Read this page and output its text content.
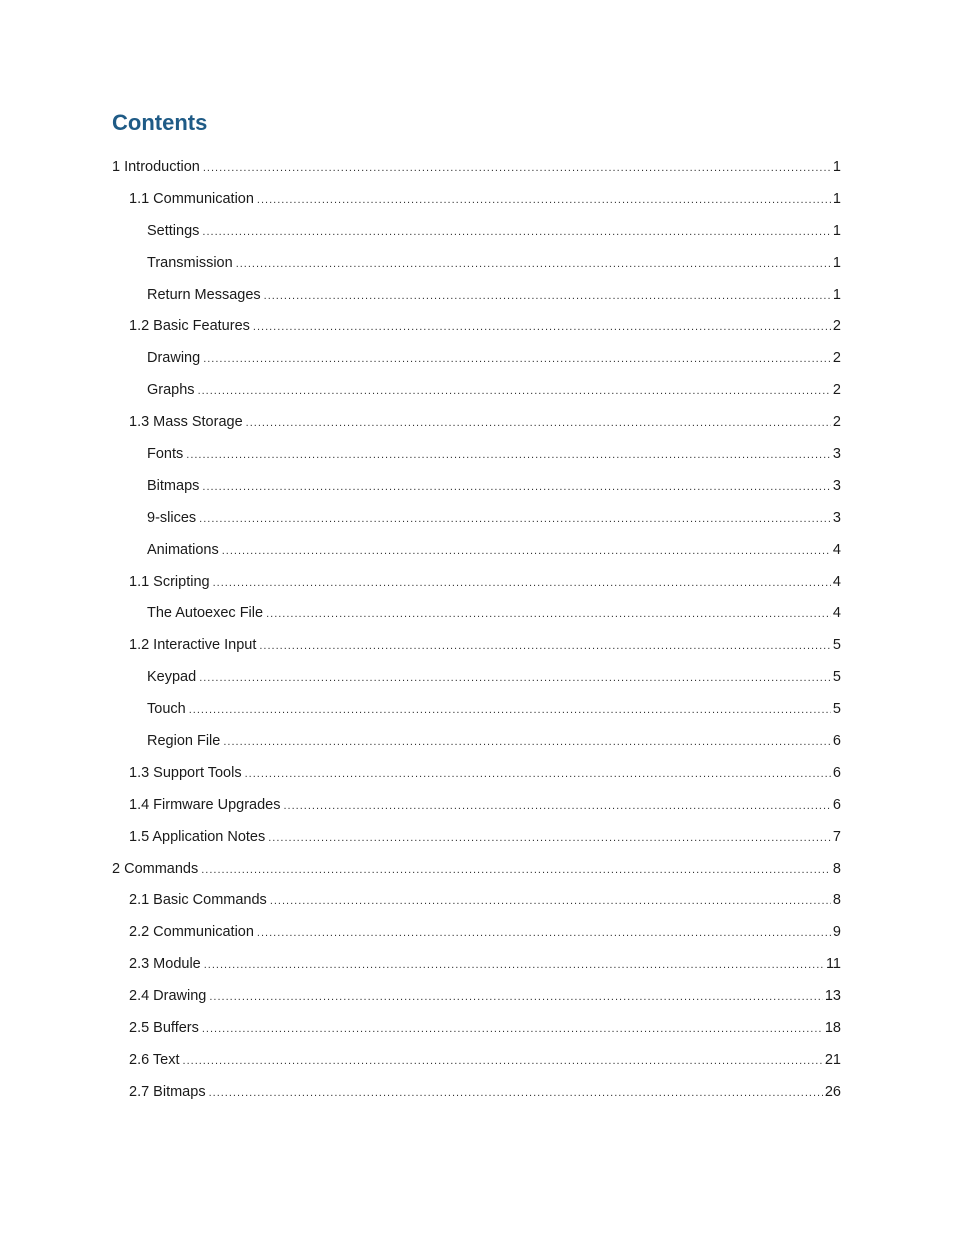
Contents
1 Introduction .....	1
1.1 Communication .....	1
Settings .....	1
Transmission .....	1
Return Messages .....	1
1.2 Basic Features .....	2
Drawing .....	2
Graphs .....	2
1.3 Mass Storage .....	2
Fonts .....	3
Bitmaps .....	3
9-slices .....	3
Animations .....	4
1.1 Scripting .....	4
The Autoexec File .....	4
1.2 Interactive Input .....	5
Keypad .....	5
Touch .....	5
Region File .....	6
1.3 Support Tools .....	6
1.4 Firmware Upgrades .....	6
1.5 Application Notes .....	7
2 Commands .....	8
2.1 Basic Commands .....	8
2.2 Communication .....	9
2.3 Module .....	11
2.4 Drawing .....	13
2.5 Buffers .....	18
2.6 Text .....	21
2.7 Bitmaps .....	26
